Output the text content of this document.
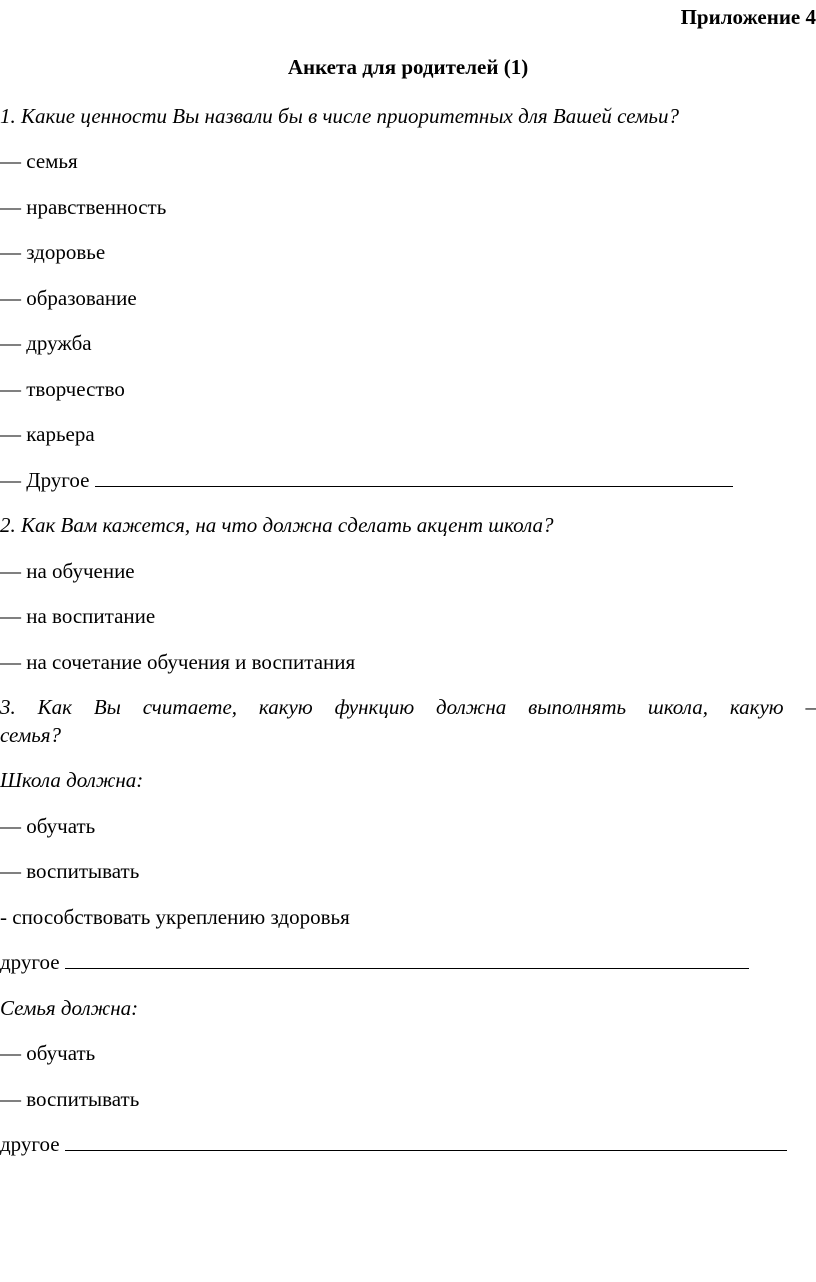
Приложение 4
Анкета для родителей (1)
1. Какие ценности Вы назвали бы в числе приоритетных для Вашей семьи?
— семья
— нравственность
— здоровье
— образование
— дружба
— творчество
— карьера
— Другое
2. Как Вам кажется, на что должна сделать акцент школа?
— на обучение
— на воспитание
— на сочетание обучения и воспитания
3. Как Вы считаете, какую функцию должна выполнять школа, какую –
семья?
Школа должна:
— обучать
— воспитывать
- способствовать укреплению здоровья
другое
Семья должна:
— обучать
— воспитывать
другое
